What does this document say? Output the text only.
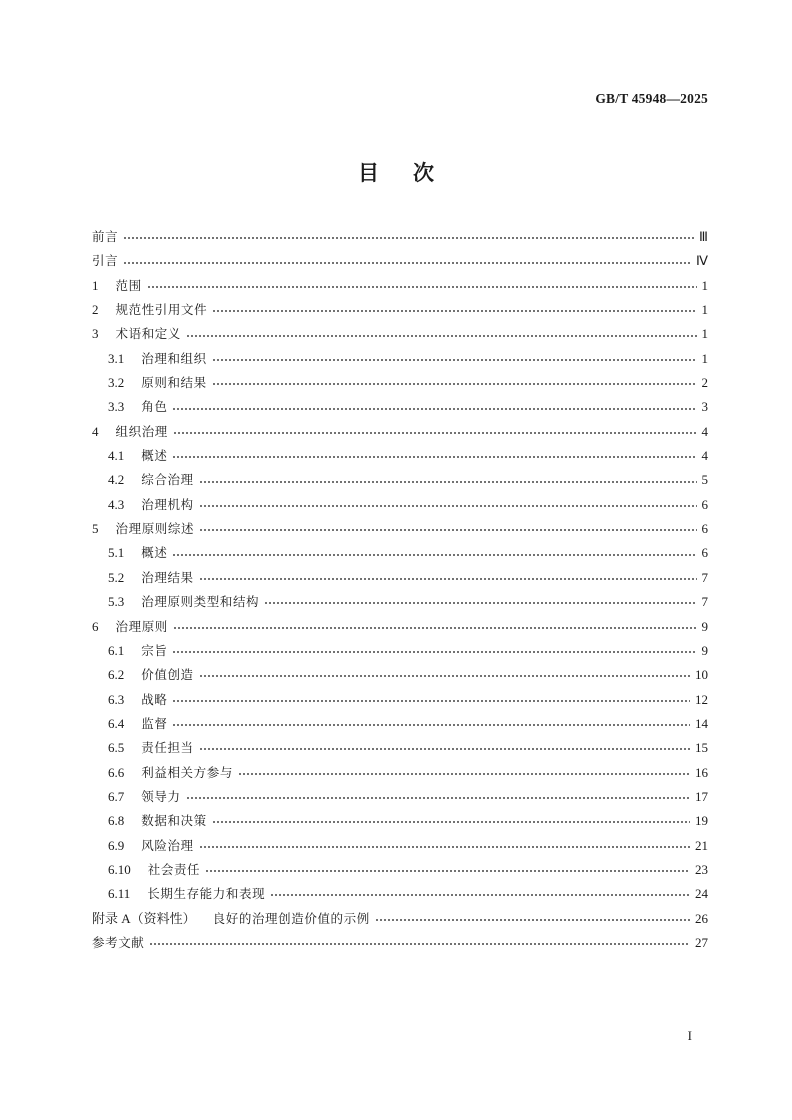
GB/T 45948—2025
目次
前言	Ⅲ
引言	Ⅳ
1 范围	1
2 规范性引用文件	1
3 术语和定义	1
3.1 治理和组织	1
3.2 原则和结果	2
3.3 角色	3
4 组织治理	4
4.1 概述	4
4.2 综合治理	5
4.3 治理机构	6
5 治理原则综述	6
5.1 概述	6
5.2 治理结果	7
5.3 治理原则类型和结构	7
6 治理原则	9
6.1 宗旨	9
6.2 价值创造	10
6.3 战略	12
6.4 监督	14
6.5 责任担当	15
6.6 利益相关方参与	16
6.7 领导力	17
6.8 数据和决策	19
6.9 风险治理	21
6.10 社会责任	23
6.11 长期生存能力和表现	24
附录 A（资料性） 良好的治理创造价值的示例	26
参考文献	27
I
